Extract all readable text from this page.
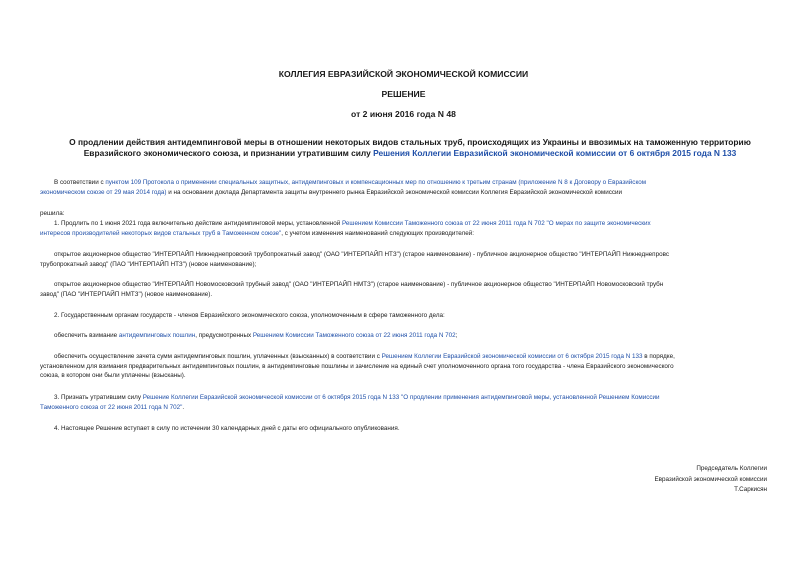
КОЛЛЕГИЯ ЕВРАЗИЙСКОЙ ЭКОНОМИЧЕСКОЙ КОМИССИИ
РЕШЕНИЕ
от 2 июня 2016 года N 48
О продлении действия антидемпинговой меры в отношении некоторых видов стальных труб, происходящих из Украины и ввозимых на таможенную территорию
Евразийского экономического союза, и признании утратившим силу Решения Коллегии Евразийской экономической комиссии от 6 октября 2015 года N 133
В соответствии с пунктом 109 Протокола о применении специальных защитных, антидемпинговых и компенсационных мер по отношению к третьим странам (приложение N 8 к Договору о Евразийском
экономическом союзе от 29 мая 2014 года) и на основании доклада Департамента защиты внутреннего рынка Евразийской экономической комиссии Коллегия Евразийской экономической комиссии
решила:
1. Продлить по 1 июня 2021 года включительно действие антидемпинговой меры, установленной Решением Комиссии Таможенного союза от 22 июня 2011 года N 702 "О мерах по защите экономических
интересов производителей некоторых видов стальных труб в Таможенном союзе", с учетом изменения наименований следующих производителей:
открытое акционерное общество "ИНТЕРПАЙП Нижнеднепровский трубопрокатный завод" (ОАО "ИНТЕРПАЙП НТЗ") (старое наименование) - публичное акционерное общество "ИНТЕРПАЙП Нижнеднепровс
трубопрокатный завод" (ПАО "ИНТЕРПАЙП НТЗ") (новое наименование);
открытое акционерное общество "ИНТЕРПАЙП Новомосковский трубный завод" (ОАО "ИНТЕРПАЙП НМТЗ") (старое наименование) - публичное акционерное общество "ИНТЕРПАЙП Новомосковский трубн
завод" (ПАО "ИНТЕРПАЙП НМТЗ") (новое наименование).
2. Государственным органам государств - членов Евразийского экономического союза, уполномоченным в сфере таможенного дела:
обеспечить взимание антидемпинговых пошлин, предусмотренных Решением Комиссии Таможенного союза от 22 июня 2011 года N 702;
обеспечить осуществление зачета сумм антидемпинговых пошлин, уплаченных (взысканных) в соответствии с Решением Коллегии Евразийской экономической комиссии от 6 октября 2015 года N 133 в порядке,
установленном для взимания предварительных антидемпинговых пошлин, в антидемпинговые пошлины и зачисление на единый счет уполномоченного органа того государства - члена Евразийского экономического
союза, в котором они были уплачены (взысканы).
3. Признать утратившим силу Решение Коллегии Евразийской экономической комиссии от 6 октября 2015 года N 133 "О продлении применения антидемпинговой меры, установленной Решением Комиссии
Таможенного союза от 22 июня 2011 года N 702".
4. Настоящее Решение вступает в силу по истечении 30 календарных дней с даты его официального опубликования.
Председатель Коллегии
Евразийской экономической комиссии
Т.Саркисян
